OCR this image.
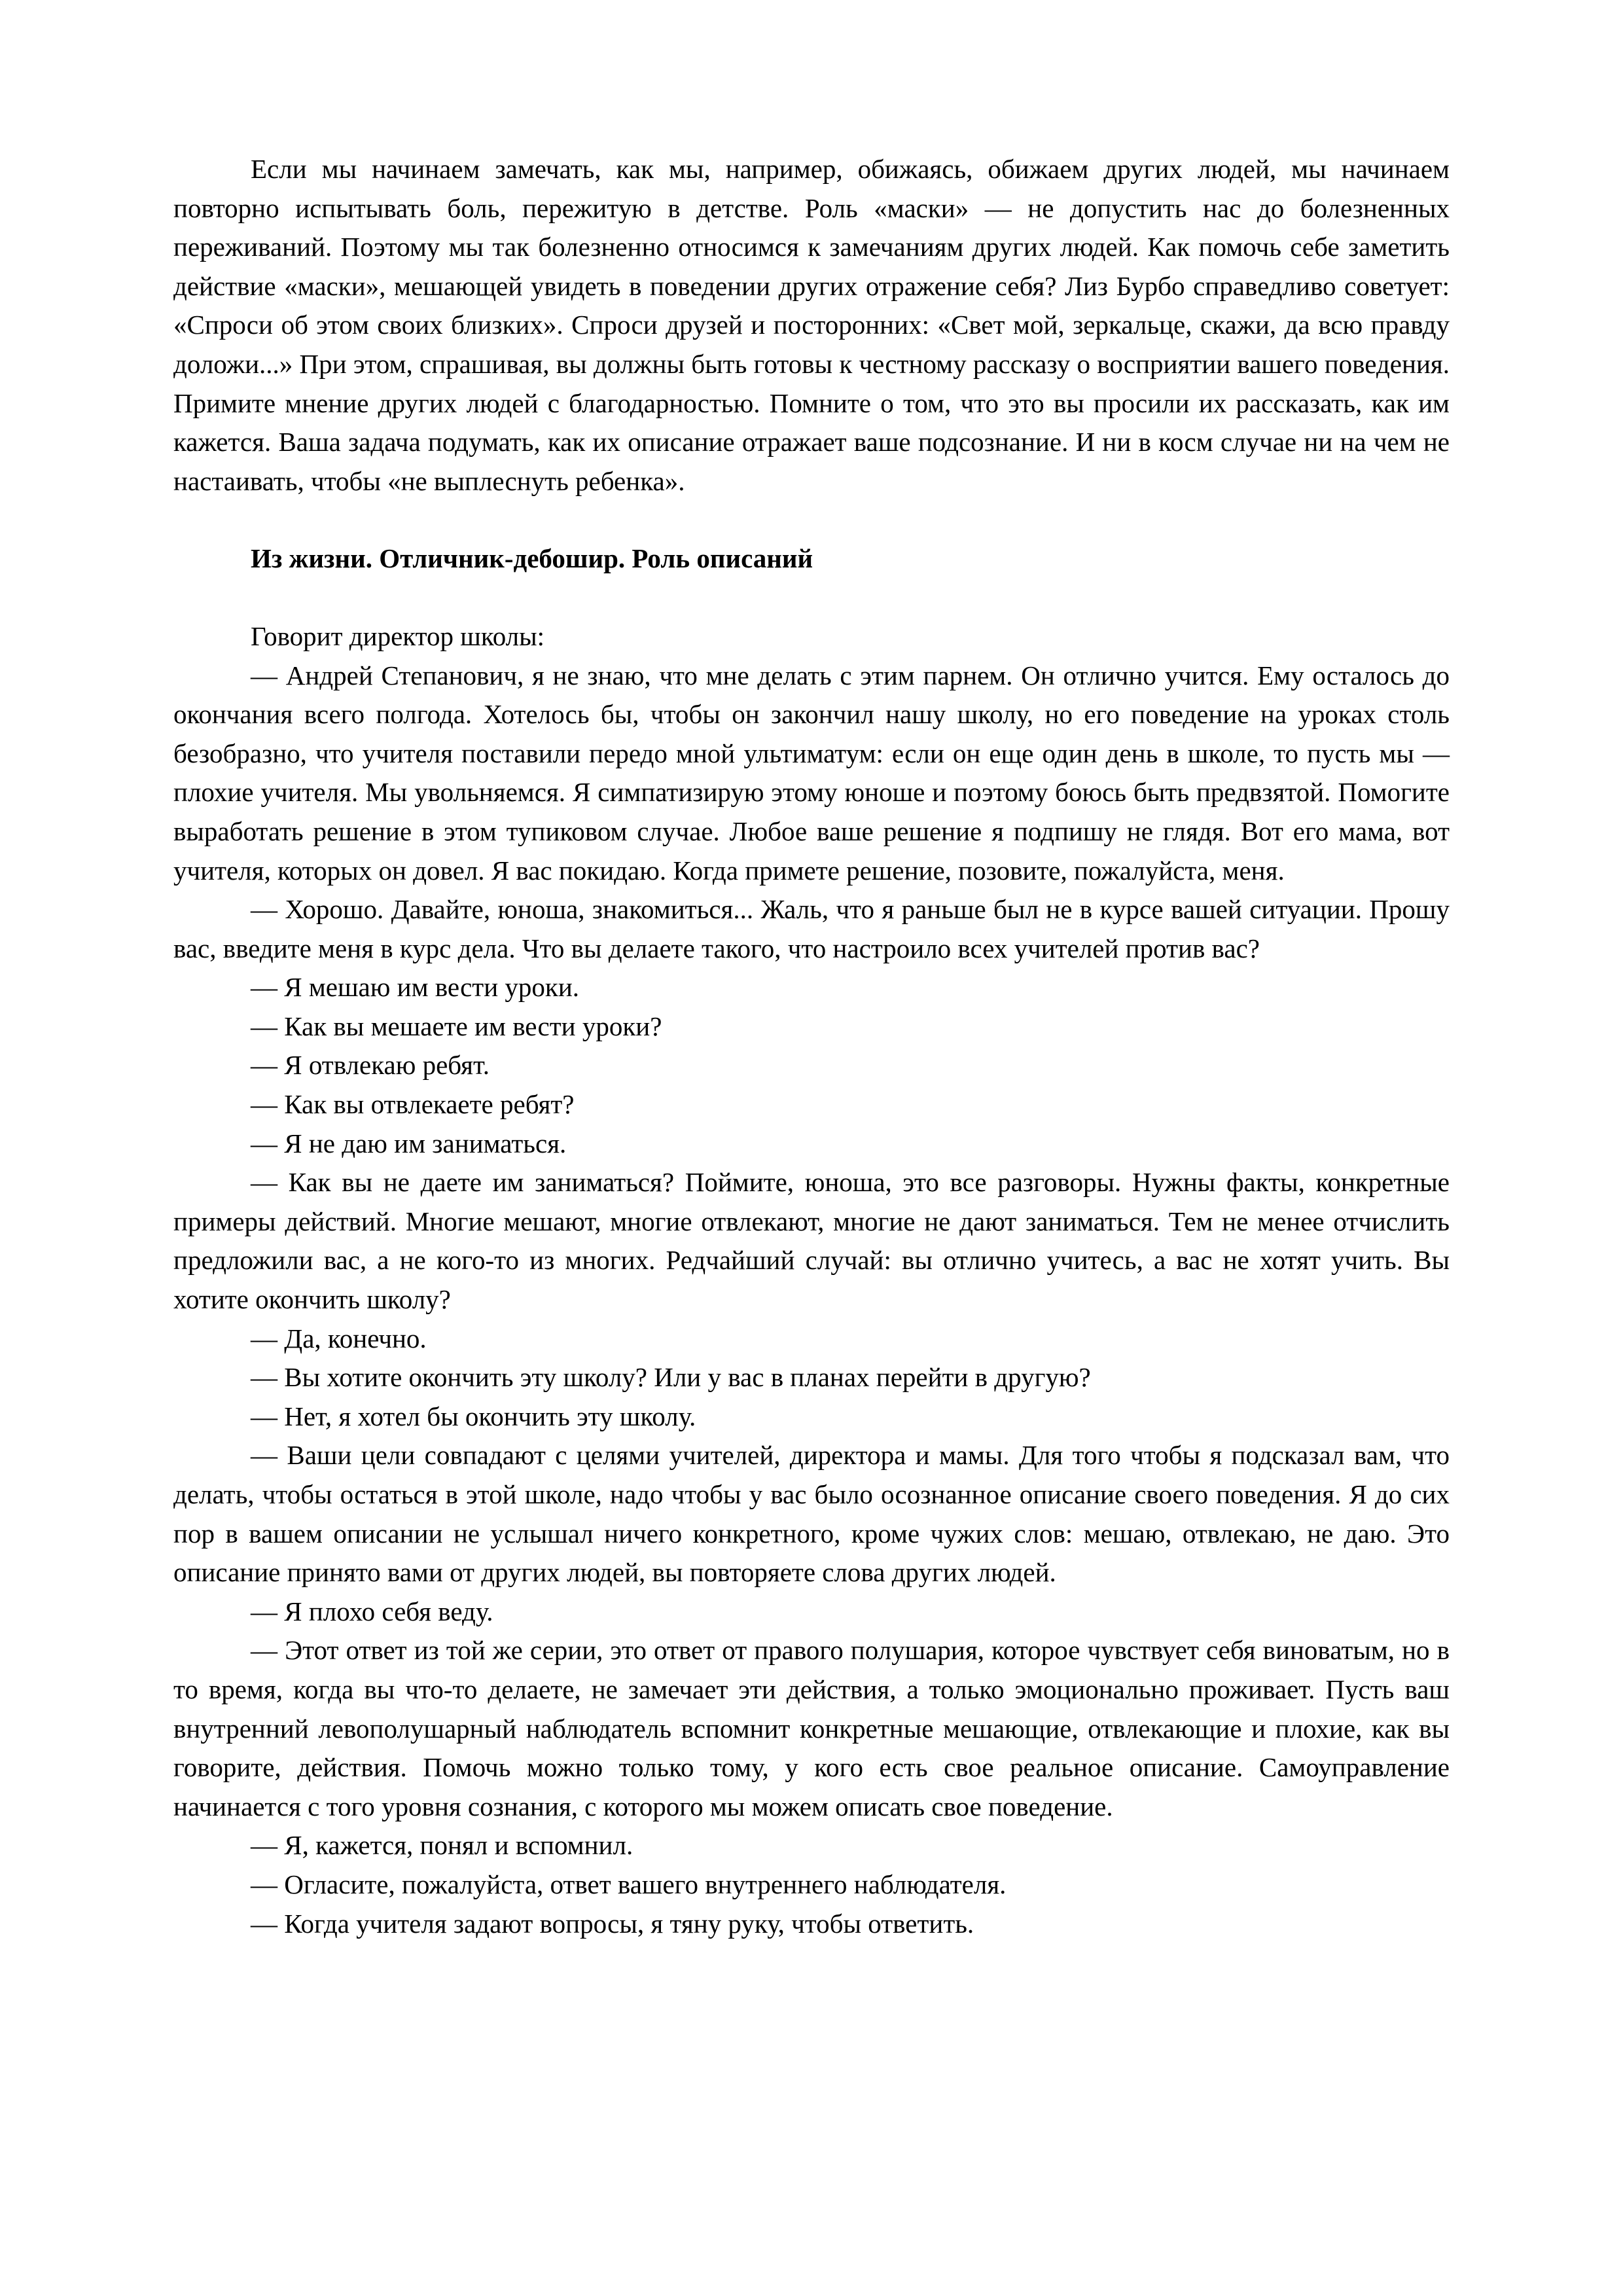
Если мы начинаем замечать, как мы, например, обижаясь, обижаем других людей, мы начинаем повторно испытывать боль, пережитую в детстве. Роль «маски» — не допустить нас до болезненных переживаний. Поэтому мы так болезненно относимся к замечаниям других людей. Как помочь себе заметить действие «маски», мешающей увидеть в поведении других отражение себя? Лиз Бурбо справедливо советует: «Спроси об этом своих близких». Спроси друзей и посторонних: «Свет мой, зеркальце, скажи, да всю правду доложи...» При этом, спрашивая, вы должны быть готовы к честному рассказу о восприятии вашего поведения. Примите мнение других людей с благодарностью. Помните о том, что это вы просили их рассказать, как им кажется. Ваша задача подумать, как их описание отражает ваше подсознание. И ни в косм случае ни на чем не настаивать, чтобы «не выплеснуть ребенка».

Из жизни. Отличник-дебошир. Роль описаний

Говорит директор школы:

— Андрей Степанович, я не знаю, что мне делать с этим парнем. Он отлично учится. Ему осталось до окончания всего полгода. Хотелось бы, чтобы он закончил нашу школу, но его поведение на уроках столь безобразно, что учителя поставили передо мной ультиматум: если он еще один день в школе, то пусть мы — плохие учителя. Мы увольняемся. Я симпатизирую этому юноше и поэтому боюсь быть предвзятой. Помогите выработать решение в этом тупиковом случае. Любое ваше решение я подпишу не глядя. Вот его мама, вот учителя, которых он довел. Я вас покидаю. Когда примете решение, позовите, пожалуйста, меня.

— Хорошо. Давайте, юноша, знакомиться... Жаль, что я раньше был не в курсе вашей ситуации. Прошу вас, введите меня в курс дела. Что вы делаете такого, что настроило всех учителей против вас?

— Я мешаю им вести уроки.

— Как вы мешаете им вести уроки?

— Я отвлекаю ребят.

— Как вы отвлекаете ребят?

— Я не даю им заниматься.

— Как вы не даете им заниматься? Поймите, юноша, это все разговоры. Нужны факты, конкретные примеры действий. Многие мешают, многие отвлекают, многие не дают заниматься. Тем не менее отчислить предложили вас, а не кого-то из многих. Редчайший случай: вы отлично учитесь, а вас не хотят учить. Вы хотите окончить школу?

— Да, конечно.

— Вы хотите окончить эту школу? Или у вас в планах перейти в другую?

— Нет, я хотел бы окончить эту школу.

— Ваши цели совпадают с целями учителей, директора и мамы. Для того чтобы я подсказал вам, что делать, чтобы остаться в этой школе, надо чтобы у вас было осознанное описание своего поведения. Я до сих пор в вашем описании не услышал ничего конкретного, кроме чужих слов: мешаю, отвлекаю, не даю. Это описание принято вами от других людей, вы повторяете слова других людей.

— Я плохо себя веду.

— Этот ответ из той же серии, это ответ от правого полушария, которое чувствует себя виноватым, но в то время, когда вы что-то делаете, не замечает эти действия, а только эмоционально проживает. Пусть ваш внутренний левополушарный наблюдатель вспомнит конкретные мешающие, отвлекающие и плохие, как вы говорите, действия. Помочь можно только тому, у кого есть свое реальное описание. Самоуправление начинается с того уровня сознания, с которого мы можем описать свое поведение.

— Я, кажется, понял и вспомнил.

— Огласите, пожалуйста, ответ вашего внутреннего наблюдателя.

— Когда учителя задают вопросы, я тяну руку, чтобы ответить.
